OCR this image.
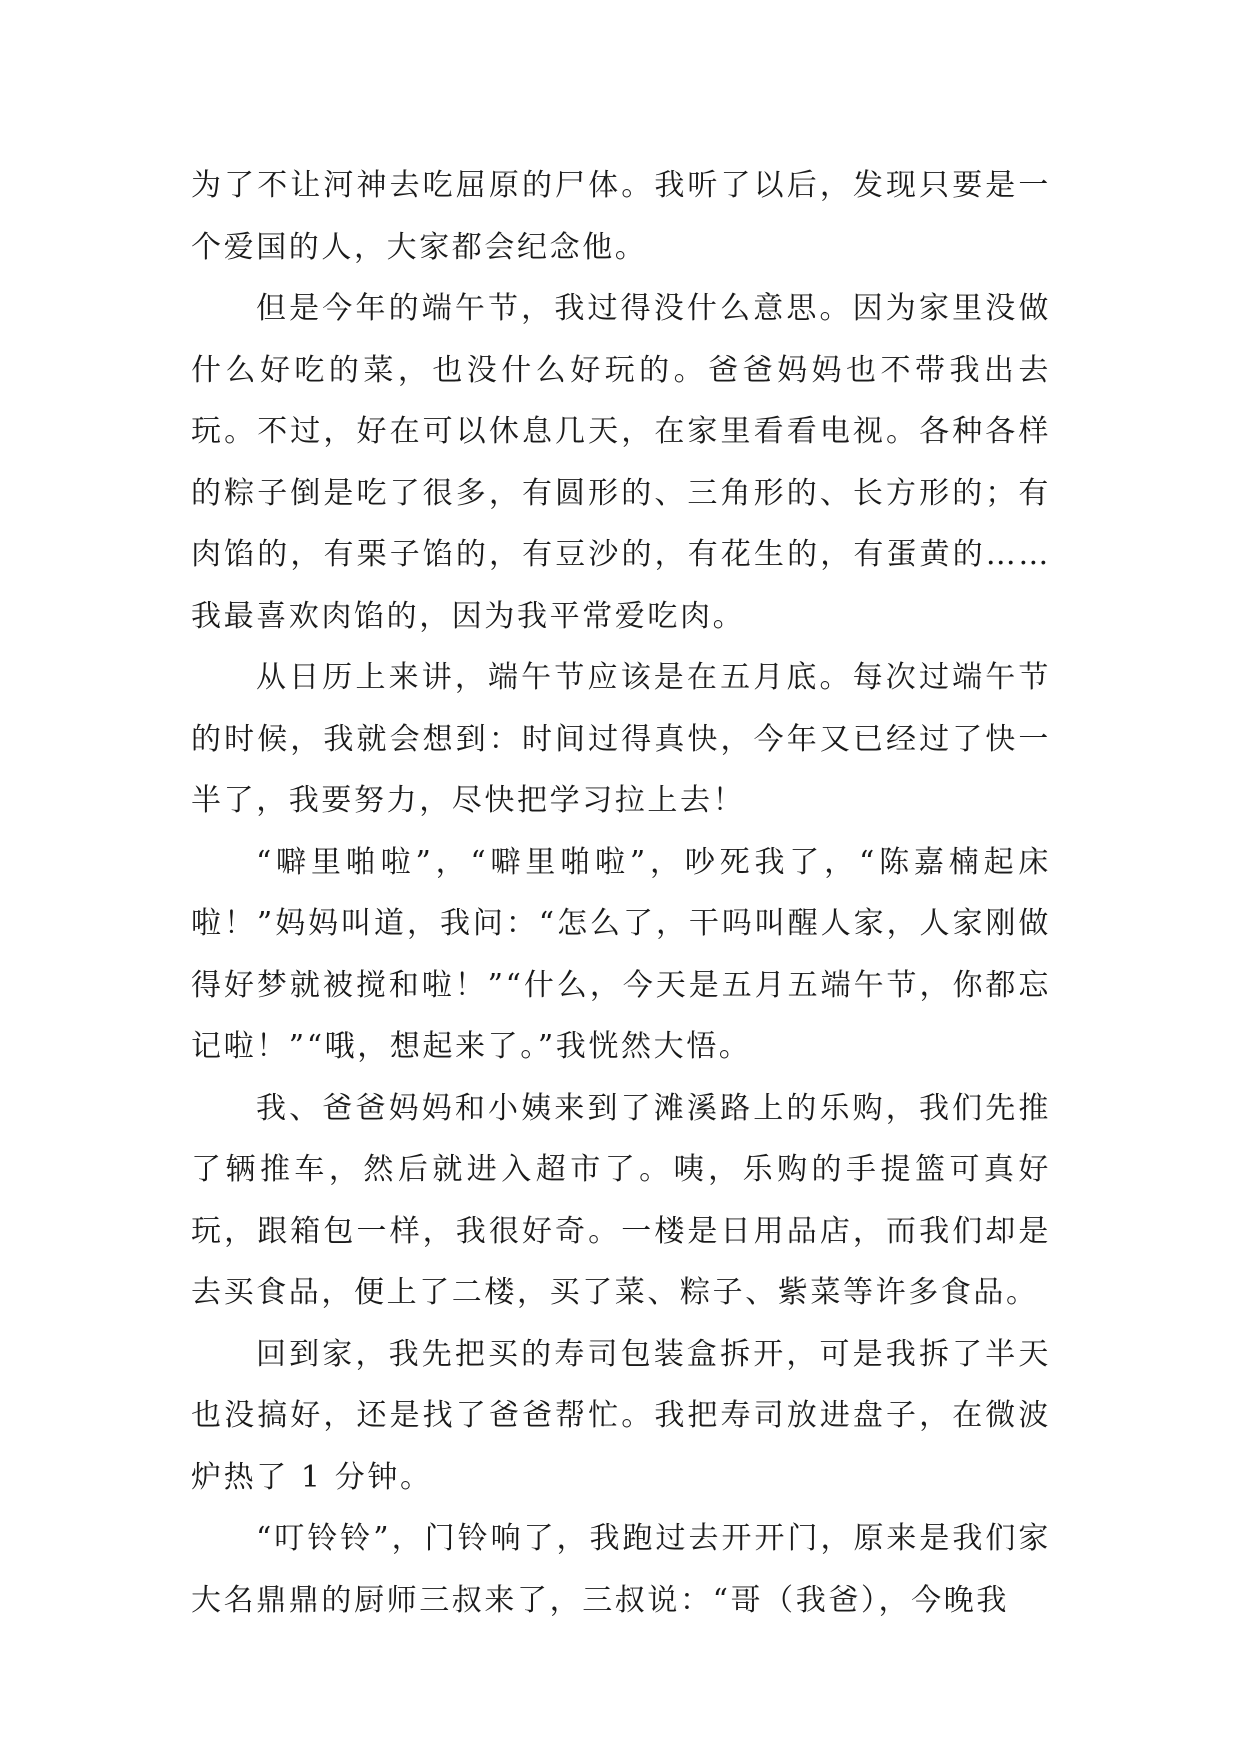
为了不让河神去吃屈原的尸体。我听了以后，发现只要是一个爱国的人，大家都会纪念他。

但是今年的端午节，我过得没什么意思。因为家里没做什么好吃的菜，也没什么好玩的。爸爸妈妈也不带我出去玩。不过，好在可以休息几天，在家里看看电视。各种各样的粽子倒是吃了很多，有圆形的、三角形的、长方形的；有肉馅的，有栗子馅的，有豆沙的，有花生的，有蛋黄的……我最喜欢肉馅的，因为我平常爱吃肉。

从日历上来讲，端午节应该是在五月底。每次过端午节的时候，我就会想到：时间过得真快，今年又已经过了快一半了，我要努力，尽快把学习拉上去！

“噼里啪啦”，“噼里啪啦”，吵死我了，“陈嘉楠起床啦！”妈妈叫道，我问：“怎么了，干吗叫醒人家，人家刚做得好梦就被搅和啦！”“什么，今天是五月五端午节，你都忘记啦！”“哦，想起来了。”我恍然大悟。

我、爸爸妈妈和小姨来到了滩溪路上的乐购，我们先推了辆推车，然后就进入超市了。咦，乐购的手提篮可真好玩，跟箱包一样，我很好奇。一楼是日用品店，而我们却是去买食品，便上了二楼，买了菜、粽子、紫菜等许多食品。

回到家，我先把买的寿司包装盒拆开，可是我拆了半天也没搞好，还是找了爸爸帮忙。我把寿司放进盘子，在微波炉热了 1 分钟。

“叮铃铃”，门铃响了，我跑过去开开门，原来是我们家大名鼎鼎的厨师三叔来了，三叔说：“哥（我爸），今晚我
